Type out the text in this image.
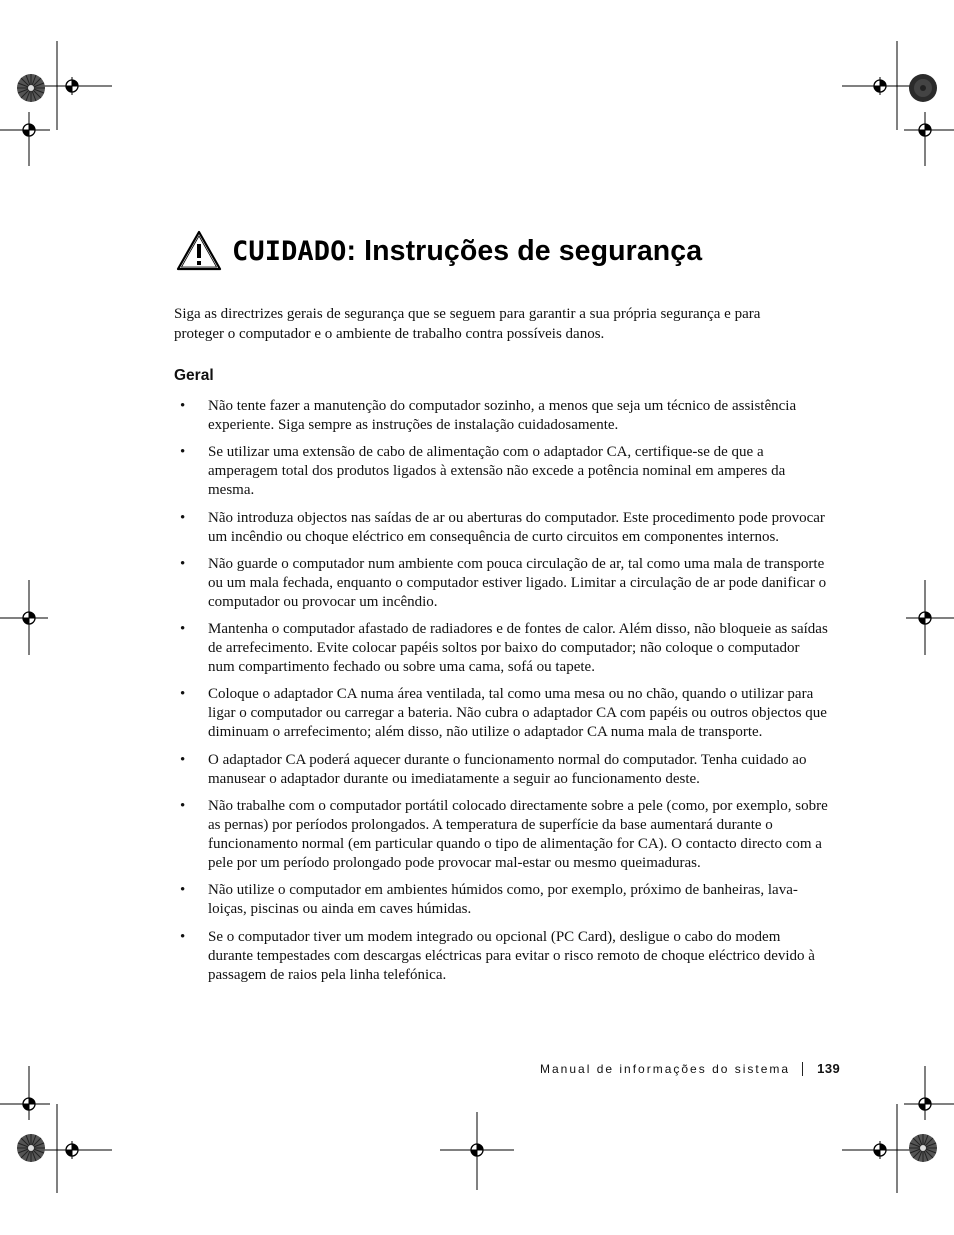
CUIDADO: Instruções de segurança

Siga as directrizes gerais de segurança que se seguem para garantir a sua própria segurança e para proteger o computador e o ambiente de trabalho contra possíveis danos.

Geral
• Não tente fazer a manutenção do computador sozinho, a menos que seja um técnico de assistência experiente. Siga sempre as instruções de instalação cuidadosamente.
• Se utilizar uma extensão de cabo de alimentação com o adaptador CA, certifique-se de que a amperagem total dos produtos ligados à extensão não excede a potência nominal em amperes da mesma.
• Não introduza objectos nas saídas de ar ou aberturas do computador. Este procedimento pode provocar um incêndio ou choque eléctrico em consequência de curto circuitos em componentes internos.
• Não guarde o computador num ambiente com pouca circulação de ar, tal como uma mala de transporte ou um mala fechada, enquanto o computador estiver ligado. Limitar a circulação de ar pode danificar o computador ou provocar um incêndio.
• Mantenha o computador afastado de radiadores e de fontes de calor. Além disso, não bloqueie as saídas de arrefecimento. Evite colocar papéis soltos por baixo do computador; não coloque o computador num compartimento fechado ou sobre uma cama, sofá ou tapete.
• Coloque o adaptador CA numa área ventilada, tal como uma mesa ou no chão, quando o utilizar para ligar o computador ou carregar a bateria. Não cubra o adaptador CA com papéis ou outros objectos que diminuam o arrefecimento; além disso, não utilize o adaptador CA numa mala de transporte.
• O adaptador CA poderá aquecer durante o funcionamento normal do computador. Tenha cuidado ao manusear o adaptador durante ou imediatamente a seguir ao funcionamento deste.
• Não trabalhe com o computador portátil colocado directamente sobre a pele (como, por exemplo, sobre as pernas) por períodos prolongados. A temperatura de superfície da base aumentará durante o funcionamento normal (em particular quando o tipo de alimentação for CA). O contacto directo com a pele por um período prolongado pode provocar mal-estar ou mesmo queimaduras.
• Não utilize o computador em ambientes húmidos como, por exemplo, próximo de banheiras, lava-loiças, piscinas ou ainda em caves húmidas.
• Se o computador tiver um modem integrado ou opcional (PC Card), desligue o cabo do modem durante tempestades com descargas eléctricas para evitar o risco remoto de choque eléctrico devido à passagem de raios pela linha telefónica.
Manual de informações do sistema 139
